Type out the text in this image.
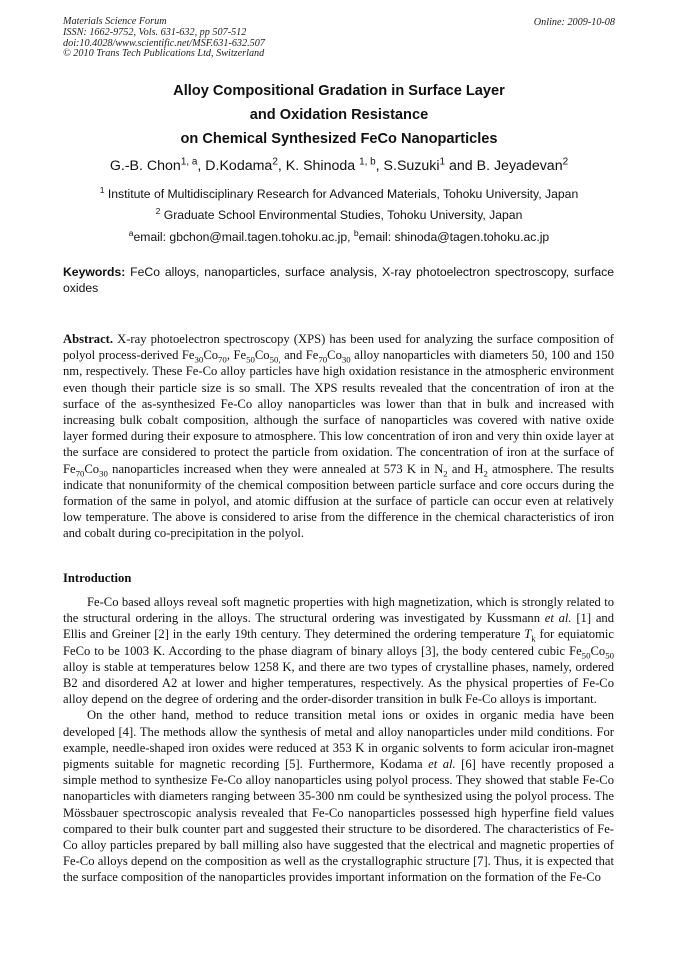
Materials Science Forum
ISSN: 1662-9752, Vols. 631-632, pp 507-512
doi:10.4028/www.scientific.net/MSF.631-632.507
© 2010 Trans Tech Publications Ltd, Switzerland
Online: 2009-10-08
Alloy Compositional Gradation in Surface Layer
and Oxidation Resistance
on Chemical Synthesized FeCo Nanoparticles
G.-B. Chon$^{1, a}$, D.Kodama$^2$, K. Shinoda $^{1, b}$, S.Suzuki$^1$ and B. Jeyadevan$^2$
$^1$ Institute of Multidisciplinary Research for Advanced Materials, Tohoku University, Japan
$^2$ Graduate School Environmental Studies, Tohoku University, Japan
$^a$email: gbchon@mail.tagen.tohoku.ac.jp, $^b$email: shinoda@tagen.tohoku.ac.jp
Keywords: FeCo alloys, nanoparticles, surface analysis, X-ray photoelectron spectroscopy, surface oxides

Abstract. X-ray photoelectron spectroscopy (XPS) has been used for analyzing the surface composition of polyol process-derived $Fe_{30}Co_{70}$, $Fe_{50}Co_{50,}$ and $Fe_{70}Co_{30}$ alloy nanoparticles with diameters 50, 100 and 150 nm, respectively. These Fe-Co alloy particles have high oxidation resistance in the atmospheric environment even though their particle size is so small. The XPS results revealed that the concentration of iron at the surface of the as-synthesized Fe-Co alloy nanoparticles was lower than that in bulk and increased with increasing bulk cobalt composition, although the surface of nanoparticles was covered with native oxide layer formed during their exposure to atmosphere. This low concentration of iron and very thin oxide layer at the surface are considered to protect the particle from oxidation. The concentration of iron at the surface of $Fe_{70}Co_{30}$ nanoparticles increased when they were annealed at 573 K in $N_2$ and $H_2$ atmosphere. The results indicate that nonuniformity of the chemical composition between particle surface and core occurs during the formation of the same in polyol, and atomic diffusion at the surface of particle can occur even at relatively low temperature. The above is considered to arise from the difference in the chemical characteristics of iron and cobalt during co-precipitation in the polyol.

Introduction

Fe-Co based alloys reveal soft magnetic properties with high magnetization, which is strongly related to the structural ordering in the alloys. The structural ordering was investigated by Kussmann et al. [1] and Ellis and Greiner [2] in the early 19th century. They determined the ordering temperature $T_k$ for equiatomic FeCo to be 1003 K. According to the phase diagram of binary alloys [3], the body centered cubic $Fe_{50}Co_{50}$ alloy is stable at temperatures below 1258 K, and there are two types of crystalline phases, namely, ordered B2 and disordered A2 at lower and higher temperatures, respectively. As the physical properties of Fe-Co alloy depend on the degree of ordering and the order-disorder transition in bulk Fe-Co alloys is important.

On the other hand, method to reduce transition metal ions or oxides in organic media have been developed [4]. The methods allow the synthesis of metal and alloy nanoparticles under mild conditions. For example, needle-shaped iron oxides were reduced at 353 K in organic solvents to form acicular iron-magnet pigments suitable for magnetic recording [5]. Furthermore, Kodama et al. [6] have recently proposed a simple method to synthesize Fe-Co alloy nanoparticles using polyol process. They showed that stable Fe-Co nanoparticles with diameters ranging between 35-300 nm could be synthesized using the polyol process. The Mössbauer spectroscopic analysis revealed that Fe-Co nanoparticles possessed high hyperfine field values compared to their bulk counter part and suggested their structure to be disordered. The characteristics of Fe-Co alloy particles prepared by ball milling also have suggested that the electrical and magnetic properties of Fe-Co alloys depend on the composition as well as the crystallographic structure [7]. Thus, it is expected that the surface composition of the nanoparticles provides important information on the formation of the Fe-Co
